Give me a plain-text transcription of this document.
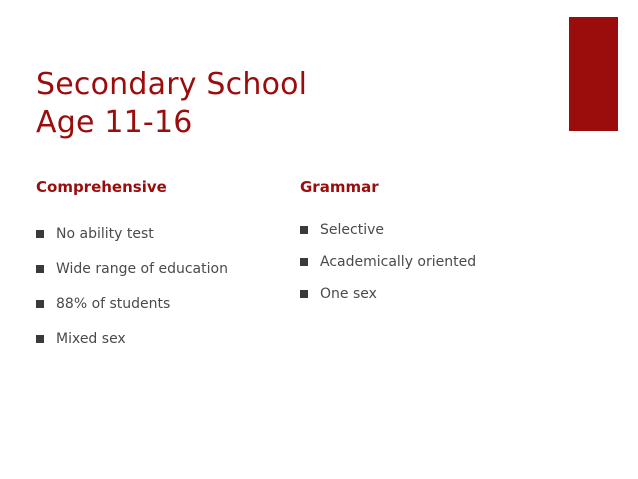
Secondary School
Age 11-16
Comprehensive
No ability test
Wide range of education
88% of students
Mixed sex
Grammar
Selective
Academically oriented
One sex
